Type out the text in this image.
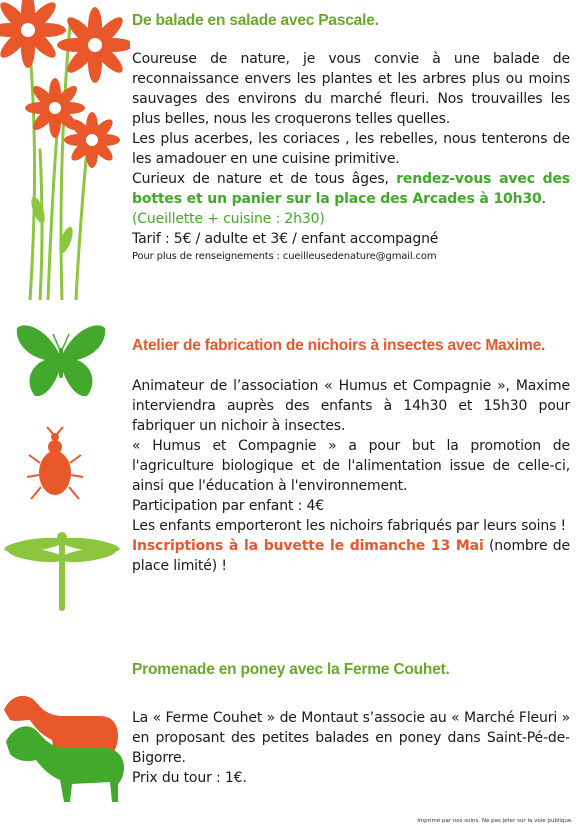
De balade en salade avec Pascale.

Coureuse de nature, je vous convie à une balade de reconnaissance envers les plantes et les arbres plus ou moins sauvages des environs du marché fleuri. Nos trouvailles les plus belles, nous les croquerons telles quelles.

Les plus acerbes, les coriaces , les rebelles, nous tenterons de les amadouer en une cuisine primitive.

Curieux de nature et de tous âges, rendez-vous avec des bottes et un panier sur la place des Arcades à 10h30.

(Cueillette + cuisine : 2h30)

Tarif : 5€ / adulte et 3€ / enfant accompagné

Pour plus de renseignements : cueilleusedenature@gmail.com

Atelier de fabrication de nichoirs à insectes avec Maxime.

Animateur de l’association « Humus et Compagnie », Maxime interviendra auprès des enfants à 14h30 et 15h30 pour fabriquer un nichoir à insectes.

« Humus et Compagnie » a pour but la promotion de l'agriculture biologique et de l'alimentation issue de celle-ci, ainsi que l'éducation à l'environnement.

Participation par enfant : 4€

Les enfants emporteront les nichoirs fabriqués par leurs soins !

Inscriptions à la buvette le dimanche 13 Mai (nombre de place limité) !

Promenade en poney avec la Ferme Couhet.

La « Ferme Couhet » de Montaut s’associe au « Marché Fleuri » en proposant des petites balades en poney dans Saint-Pé-de-Bigorre.

Prix du tour : 1€.

Imprimé par nos soins. Ne pas jeter sur la voie publique.
